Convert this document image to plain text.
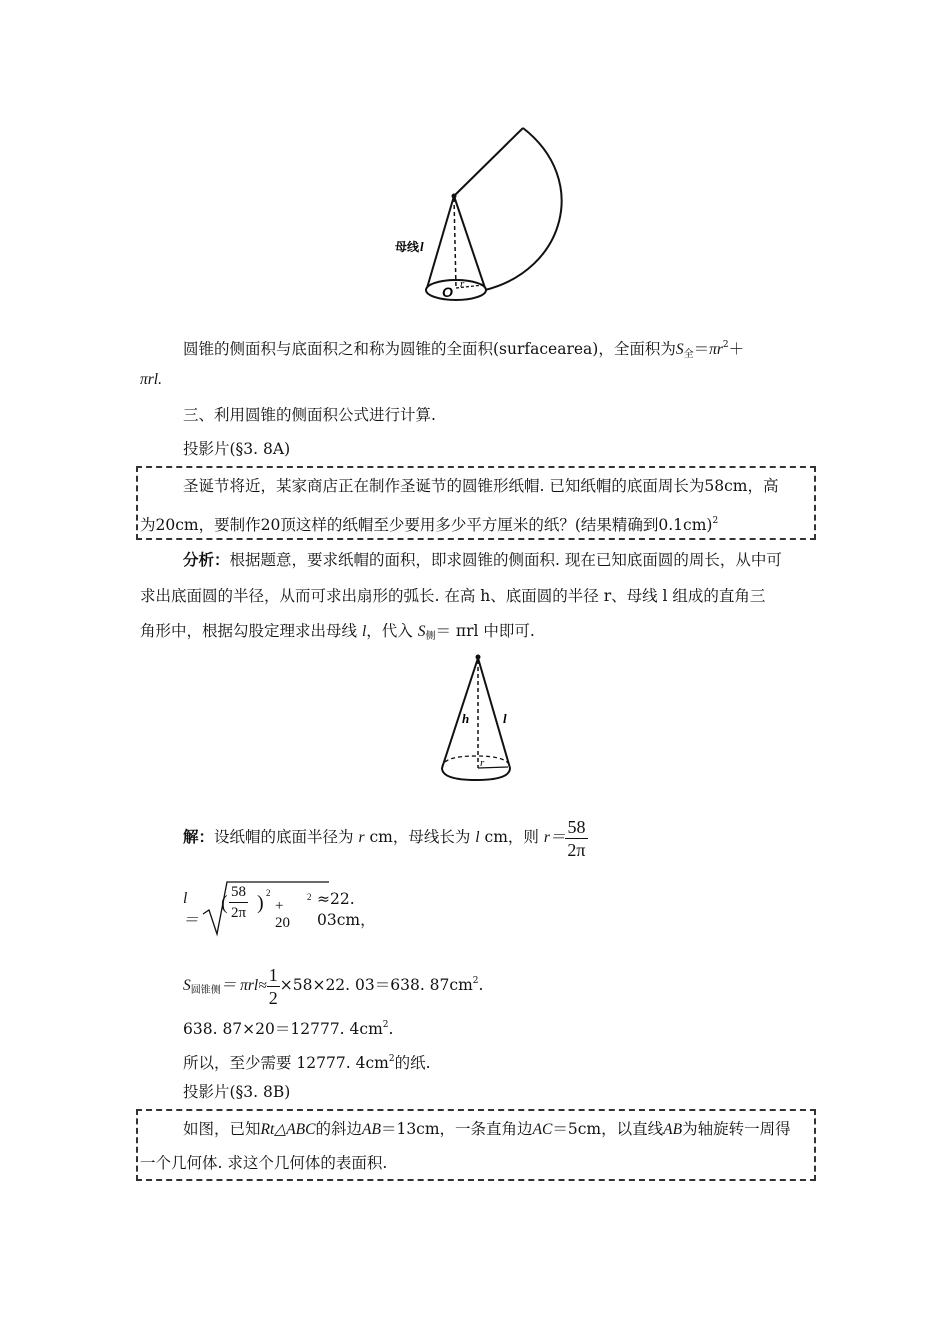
母线 l
O r
圆锥的侧面积与底面积之和称为圆锥的全面积(surfacearea)，全面积为$S_全=\pi r^2+$
πrl.
三、利用圆锥的侧面积公式进行计算.
投影片(§3. 8A)
圣诞节将近，某家商店正在制作圣诞节的圆锥形纸帽. 已知纸帽的底面周长为58cm，高
为20cm，要制作20顶这样的纸帽至少要用多少平方厘米的纸？(结果精确到0.1cm)$^2$
分析：根据题意，要求纸帽的面积，即求圆锥的侧面积. 现在已知底面圆的周长，从中可
求出底面圆的半径，从而可求出扇形的弧长. 在高 h、底面圆的半径 r、母线 l 组成的直角三
角形中，根据勾股定理求出母线 l，代入 $S_侧= \pi rl$ 中即可.
h	l
r
解：设纸帽的底面半径为 r cm，母线长为 l cm，则 $r= \frac{58}{2\pi}$
l＝
( $\frac{58}{2\pi}$ ) 2
+ 20
2 ≈22. 03cm，
$S_{圆锥侧}= \pi rl\approx \frac{1}{2} \times 58\times 22$. 03＝638. $87cm^2$.
638. 87×20＝12777. $4cm^2$.
所以，至少需要 12777. $4cm^2$的纸.
投影片(§3. 8B)
如图，已知Rt△ABC的斜边AB＝13cm，一条直角边AC＝5cm，以直线AB为轴旋转一周得
一个几何体. 求这个几何体的表面积.
